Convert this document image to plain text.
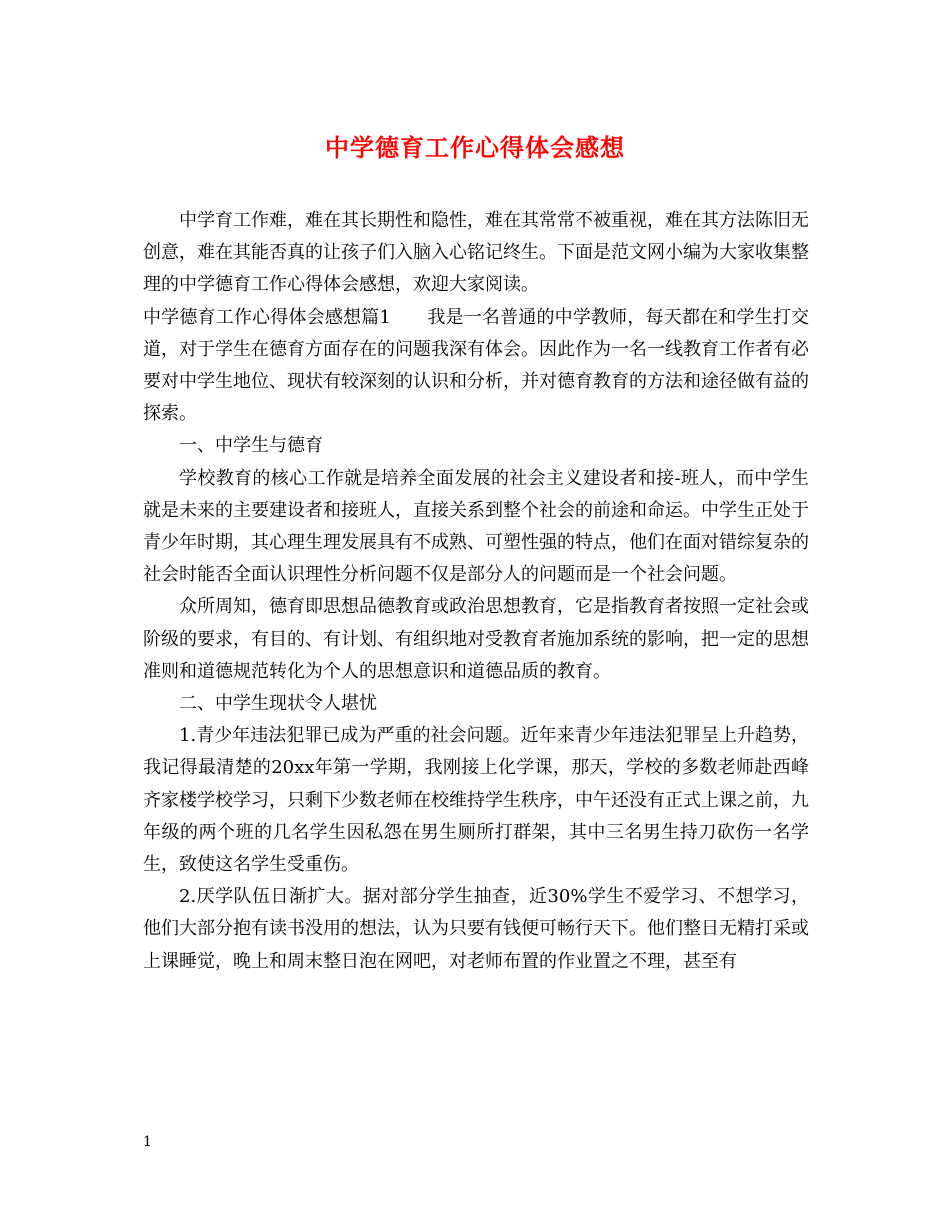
中学德育工作心得体会感想

中学育工作难，难在其长期性和隐性，难在其常常不被重视，难在其方法陈旧无创意，难在其能否真的让孩子们入脑入心铭记终生。下面是范文网小编为大家收集整理的中学德育工作心得体会感想，欢迎大家阅读。

中学德育工作心得体会感想篇1　　我是一名普通的中学教师，每天都在和学生打交道，对于学生在德育方面存在的问题我深有体会。因此作为一名一线教育工作者有必要对中学生地位、现状有较深刻的认识和分析，并对德育教育的方法和途径做有益的探索。

一、中学生与德育

学校教育的核心工作就是培养全面发展的社会主义建设者和接-班人，而中学生就是未来的主要建设者和接班人，直接关系到整个社会的前途和命运。中学生正处于青少年时期，其心理生理发展具有不成熟、可塑性强的特点，他们在面对错综复杂的社会时能否全面认识理性分析问题不仅是部分人的问题而是一个社会问题。

众所周知，德育即思想品德教育或政治思想教育，它是指教育者按照一定社会或阶级的要求，有目的、有计划、有组织地对受教育者施加系统的影响，把一定的思想准则和道德规范转化为个人的思想意识和道德品质的教育。

二、中学生现状令人堪忧

1.青少年违法犯罪已成为严重的社会问题。近年来青少年违法犯罪呈上升趋势，我记得最清楚的20xx年第一学期，我刚接上化学课，那天，学校的多数老师赴西峰齐家楼学校学习，只剩下少数老师在校维持学生秩序，中午还没有正式上课之前，九年级的两个班的几名学生因私怨在男生厕所打群架，其中三名男生持刀砍伤一名学生，致使这名学生受重伤。

2.厌学队伍日渐扩大。据对部分学生抽查，近30%学生不爱学习、不想学习，他们大部分抱有读书没用的想法，认为只要有钱便可畅行天下。他们整日无精打采或上课睡觉，晚上和周末整日泡在网吧，对老师布置的作业置之不理，甚至有

1
